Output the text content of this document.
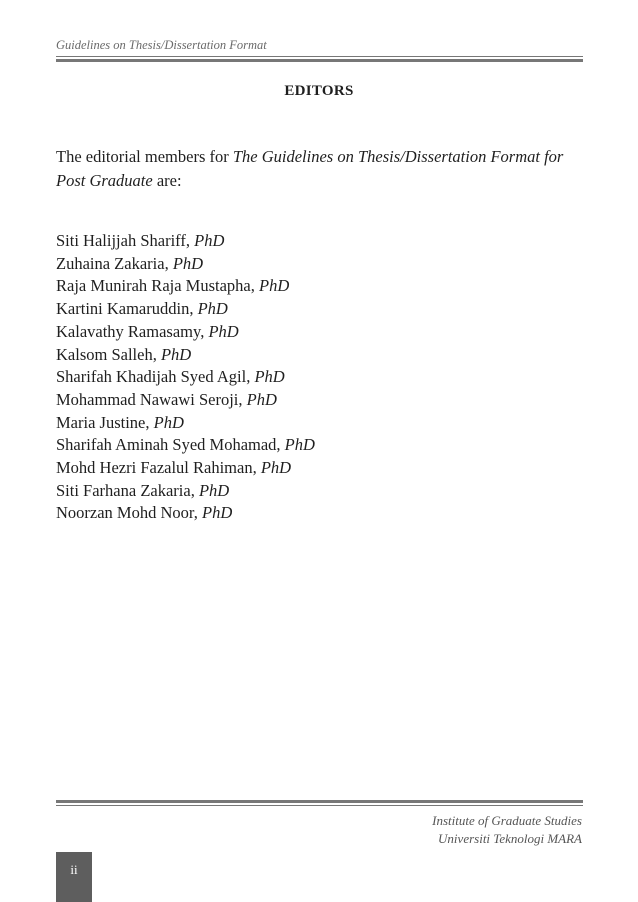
Guidelines on Thesis/Dissertation Format
EDITORS

The editorial members for The Guidelines on Thesis/Dissertation Format for Post Graduate are:

Siti Halijjah Shariff, PhD
Zuhaina Zakaria, PhD
Raja Munirah Raja Mustapha, PhD
Kartini Kamaruddin, PhD
Kalavathy Ramasamy, PhD
Kalsom Salleh, PhD
Sharifah Khadijah Syed Agil, PhD
Mohammad Nawawi Seroji, PhD
Maria Justine, PhD
Sharifah Aminah Syed Mohamad, PhD
Mohd Hezri Fazalul Rahiman, PhD
Siti Farhana Zakaria, PhD
Noorzan Mohd Noor, PhD
Institute of Graduate Studies
Universiti Teknologi MARA
ii
